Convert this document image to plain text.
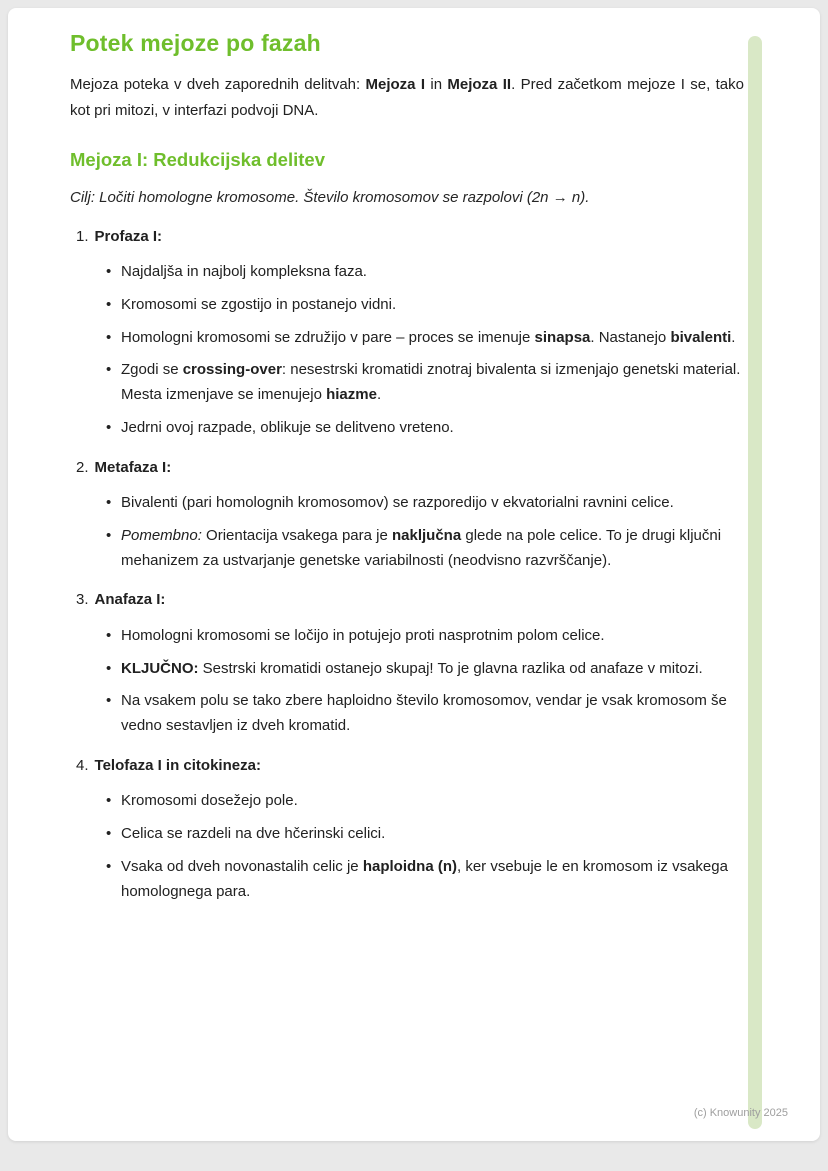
Potek mejoze po fazah

Mejoza poteka v dveh zaporednih delitvah: Mejoza I in Mejoza II. Pred začetkom mejoze I se, tako kot pri mitozi, v interfazi podvoji DNA.

Mejoza I: Redukcijska delitev

Cilj: Ločiti homologne kromosome. Število kromosomov se razpolovi (2n → n).

1. Profaza I:
• Najdaljša in najbolj kompleksna faza.
• Kromosomi se zgostijo in postanejo vidni.
• Homologni kromosomi se združijo v pare – proces se imenuje sinapsa. Nastanejo bivalenti.
• Zgodi se crossing-over: nesestrski kromatidi znotraj bivalenta si izmenjajo genetski material. Mesta izmenjave se imenujejo hiazme.
• Jedrni ovoj razpade, oblikuje se delitveno vreteno.
2. Metafaza I:
• Bivalenti (pari homolognih kromosomov) se razporedijo v ekvatorialni ravnini celice.
• Pomembno: Orientacija vsakega para je naključna glede na pole celice. To je drugi ključni mehanizem za ustvarjanje genetske variabilnosti (neodvisno razvrščanje).
3. Anafaza I:
• Homologni kromosomi se ločijo in potujejo proti nasprotnim polom celice.
• KLJUČNO: Sestrski kromatidi ostanejo skupaj! To je glavna razlika od anafaze v mitozi.
• Na vsakem polu se tako zbere haploidno število kromosomov, vendar je vsak kromosom še vedno sestavljen iz dveh kromatid.
4. Telofaza I in citokineza:
• Kromosomi dosežejo pole.
• Celica se razdeli na dve hčerinski celici.
• Vsaka od dveh novonastalih celic je haploidna (n), ker vsebuje le en kromosom iz vsakega homolognega para.
(c) Knowunity 2025
